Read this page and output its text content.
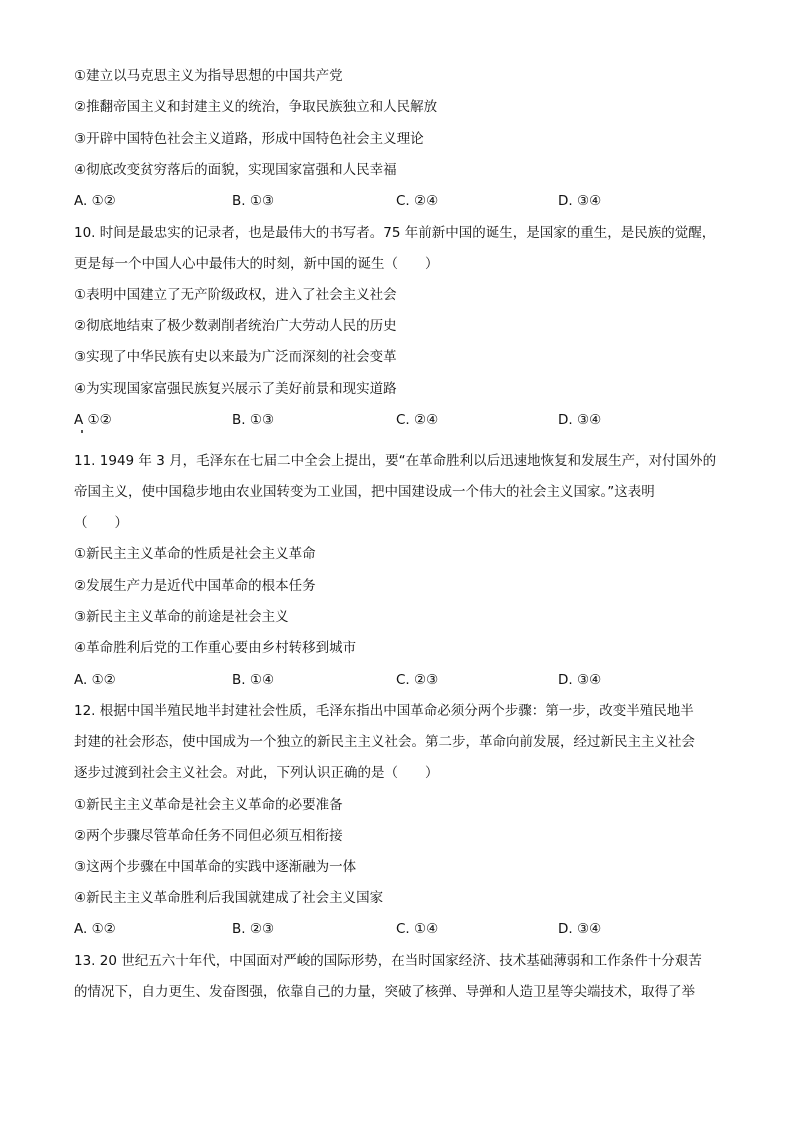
①建立以马克思主义为指导思想的中国共产党
②推翻帝国主义和封建主义的统治，争取民族独立和人民解放
③开辟中国特色社会主义道路，形成中国特色社会主义理论
④彻底改变贫穷落后的面貌，实现国家富强和人民幸福
A. ①②	B. ①③	C. ②④	D. ③④
10. 时间是最忠实的记录者，也是最伟大的书写者。75 年前新中国的诞生，是国家的重生，是民族的觉醒，
更是每一个中国人心中最伟大的时刻，新中国的诞生（　　）
①表明中国建立了无产阶级政权，进入了社会主义社会
②彻底地结束了极少数剥削者统治广大劳动人民的历史
③实现了中华民族有史以来最为广泛而深刻的社会变革
④为实现国家富强民族复兴展示了美好前景和现实道路
A ①②	B. ①③	C. ②④	D. ③④
11. 1949 年 3 月，毛泽东在七届二中全会上提出，要“在革命胜利以后迅速地恢复和发展生产，对付国外的
帝国主义，使中国稳步地由农业国转变为工业国，把中国建设成一个伟大的社会主义国家。”这表明
（　　）
①新民主主义革命的性质是社会主义革命
②发展生产力是近代中国革命的根本任务
③新民主主义革命的前途是社会主义
④革命胜利后党的工作重心要由乡村转移到城市
A. ①②	B. ①④	C. ②③	D. ③④
12. 根据中国半殖民地半封建社会性质，毛泽东指出中国革命必须分两个步骤：第一步，改变半殖民地半
封建的社会形态，使中国成为一个独立的新民主主义社会。第二步，革命向前发展，经过新民主主义社会
逐步过渡到社会主义社会。对此，下列认识正确的是（　　）
①新民主主义革命是社会主义革命的必要准备
②两个步骤尽管革命任务不同但必须互相衔接
③这两个步骤在中国革命的实践中逐渐融为一体
④新民主主义革命胜利后我国就建成了社会主义国家
A. ①②	B. ②③	C. ①④	D. ③④
13. 20 世纪五六十年代，中国面对严峻的国际形势，在当时国家经济、技术基础薄弱和工作条件十分艰苦
的情况下，自力更生、发奋图强，依靠自己的力量，突破了核弹、导弹和人造卫星等尖端技术，取得了举
